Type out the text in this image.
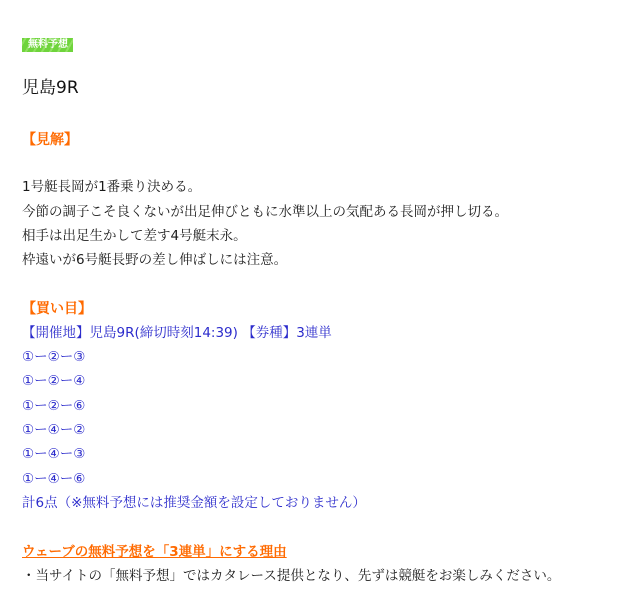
無料予想
児島9R
【見解】
1号艇長岡が1番乗り決める。
今節の調子こそ良くないが出足伸びともに水準以上の気配ある長岡が押し切る。
相手は出足生かして差す4号艇末永。
枠遠いが6号艇長野の差し伸ばしには注意。
【買い目】
【開催地】児島9R(締切時刻14:39) 【券種】3連単
①ー②ー③
①ー②ー④
①ー②ー⑥
①ー④ー②
①ー④ー③
①ー④ー⑥
計6点（※無料予想には推奨金額を設定しておりません）
ウェーブの無料予想を「3連単」にする理由
・当サイトの「無料予想」ではカタレース提供となり、先ずは競艇をお楽しみください。
